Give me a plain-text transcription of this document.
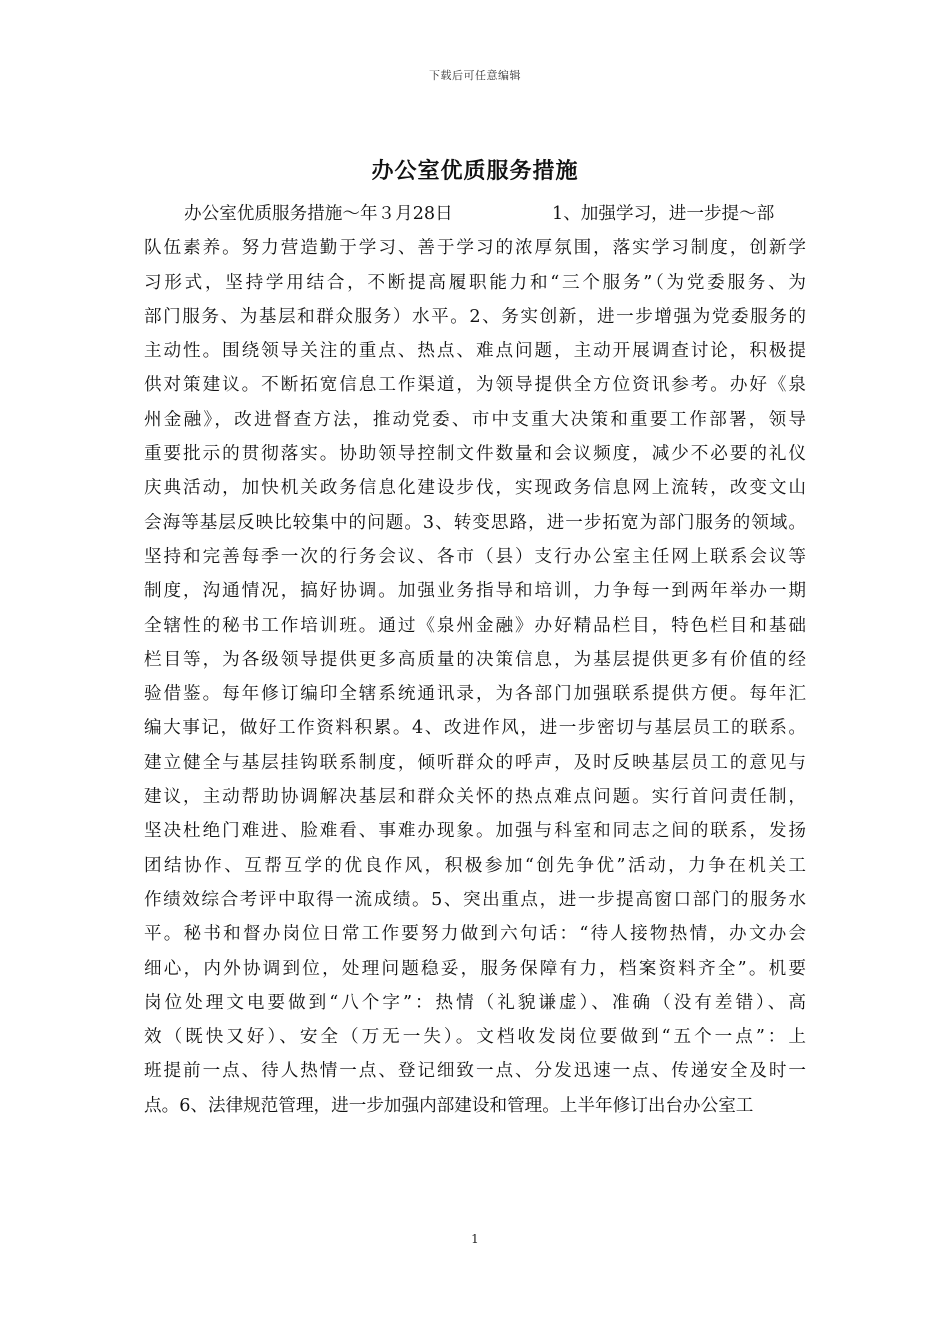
下载后可任意编辑
办公室优质服务措施
办公室优质服务措施～年３月28日	1、加强学习，进一步提～部
队伍素养。努力营造勤于学习、善于学习的浓厚氛围，落实学习制度，创新学
习形式，坚持学用结合，不断提高履职能力和“三个服务”（为党委服务、为
部门服务、为基层和群众服务）水平。2、务实创新，进一步增强为党委服务的
主动性。围绕领导关注的重点、热点、难点问题，主动开展调查讨论，积极提
供对策建议。不断拓宽信息工作渠道，为领导提供全方位资讯参考。办好《泉
州金融》，改进督查方法，推动党委、市中支重大决策和重要工作部署，领导
重要批示的贯彻落实。协助领导控制文件数量和会议频度，减少不必要的礼仪
庆典活动，加快机关政务信息化建设步伐，实现政务信息网上流转，改变文山
会海等基层反映比较集中的问题。3、转变思路，进一步拓宽为部门服务的领域。
坚持和完善每季一次的行务会议、各市（县）支行办公室主任网上联系会议等
制度，沟通情况，搞好协调。加强业务指导和培训，力争每一到两年举办一期
全辖性的秘书工作培训班。通过《泉州金融》办好精品栏目，特色栏目和基础
栏目等，为各级领导提供更多高质量的决策信息，为基层提供更多有价值的经
验借鉴。每年修订编印全辖系统通讯录，为各部门加强联系提供方便。每年汇
编大事记，做好工作资料积累。4、改进作风，进一步密切与基层员工的联系。
建立健全与基层挂钩联系制度，倾听群众的呼声，及时反映基层员工的意见与
建议，主动帮助协调解决基层和群众关怀的热点难点问题。实行首问责任制，
坚决杜绝门难进、脸难看、事难办现象。加强与科室和同志之间的联系，发扬
团结协作、互帮互学的优良作风，积极参加“创先争优”活动，力争在机关工
作绩效综合考评中取得一流成绩。5、突出重点，进一步提高窗口部门的服务水
平。秘书和督办岗位日常工作要努力做到六句话：“待人接物热情，办文办会
细心，内外协调到位，处理问题稳妥，服务保障有力，档案资料齐全”。机要
岗位处理文电要做到“八个字”：热情（礼貌谦虚）、准确（没有差错）、高
效（既快又好）、安全（万无一失）。文档收发岗位要做到“五个一点”：上
班提前一点、待人热情一点、登记细致一点、分发迅速一点、传递安全及时一
点。6、法律规范管理，进一步加强内部建设和管理。上半年修订出台办公室工
1
